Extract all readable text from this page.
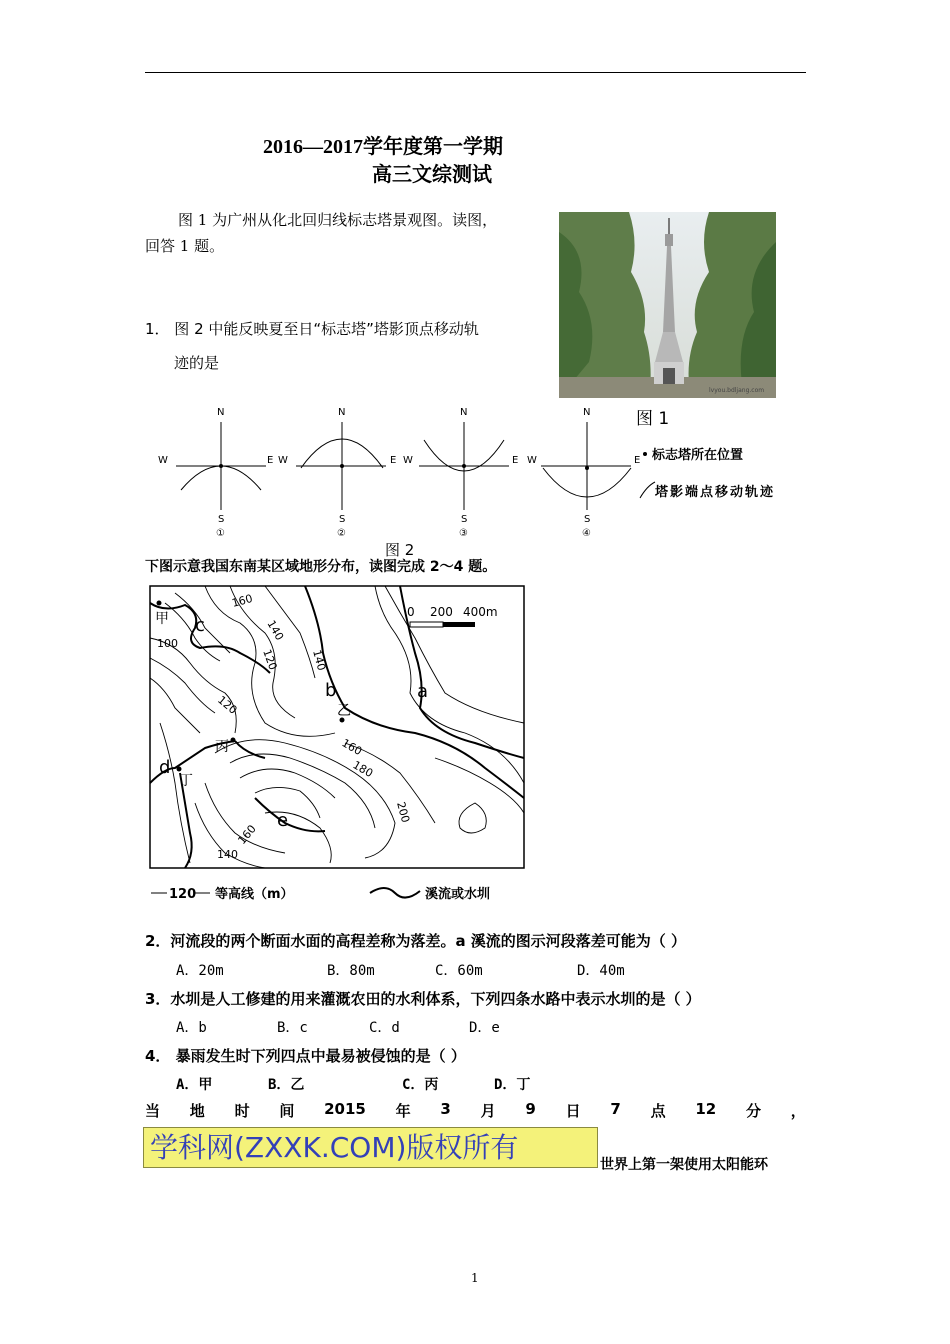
2016—2017学年度第一学期
高三文综测试
图 1 为广州从化北回归线标志塔景观图。读图，
回答 1 题。
1． 图 2 中能反映夏至日“标志塔”塔影顶点移动轨
迹的是
lvyou.bdljang.com
图 1
N
W	E
S
①
N
W	E
S
②
N
W	E
S
③
N
W	E
S
④
标志塔所在位置
塔影端点移动轨迹
图 2
下图示意我国东南某区域地形分布，读图完成 2～4 题。
0 200 400m
160
140
140
100
120
120
160
180
200
140
160
甲
乙
丙
丁
a
b
c
d
e
120 等高线（m）	溪流或水圳
2．河流段的两个断面水面的高程差称为落差。a 溪流的图示河段落差可能为（ ）
A．20m	B．80m	C．60m	D．40m
3．水圳是人工修建的用来灌溉农田的水利体系，下列四条水路中表示水圳的是（ ）
A．b	B．c	C．d	D．e
4． 暴雨发生时下列四点中最易被侵蚀的是（ ）
A．甲	B．乙	C．丙	D．丁
当 地 时 间 2015 年 3 月 9 日 7 点 12 分 ，
学科网(ZXXK.COM)版权所有
世界上第一架使用太阳能环
1
